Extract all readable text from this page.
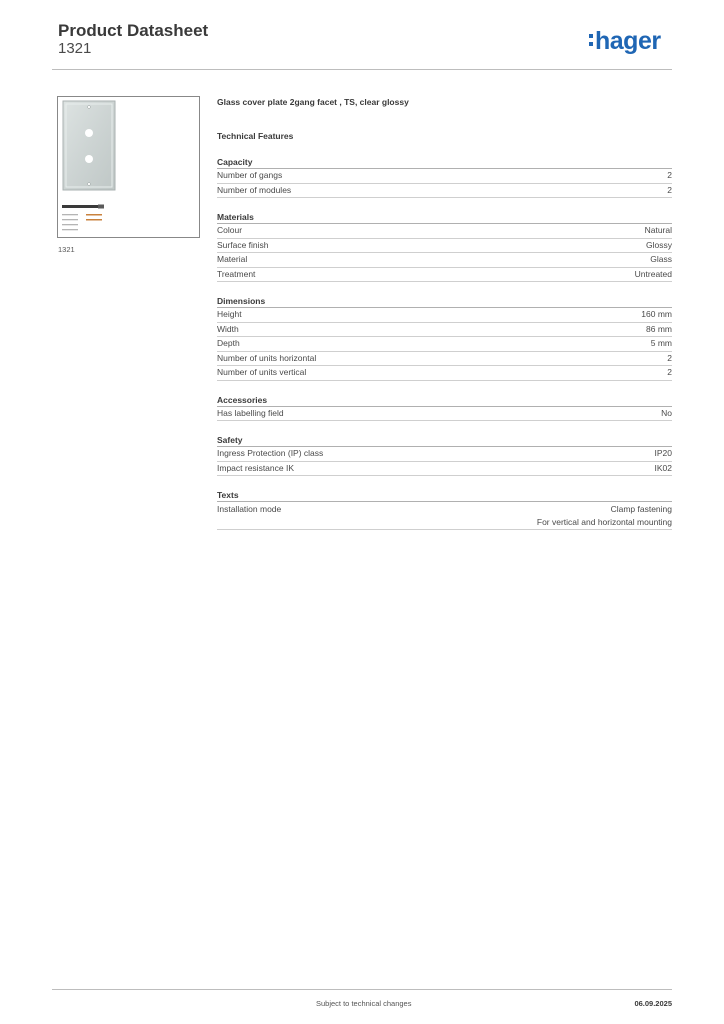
Product Datasheet
1321	hager
1321
Glass cover plate 2gang facet , TS, clear glossy
Technical Features
Capacity
Number of gangs	2
Number of modules	2
Materials
Colour	Natural
Surface finish	Glossy
Material	Glass
Treatment	Untreated
Dimensions
Height	160 mm
Width	86 mm
Depth	5 mm
Number of units horizontal	2
Number of units vertical	2
Accessories
Has labelling field	No
Safety
Ingress Protection (IP) class	IP20
Impact resistance IK	IK02
Texts
Installation mode	Clamp fastening
For vertical and horizontal mounting
Subject to technical changes	06.09.2025
